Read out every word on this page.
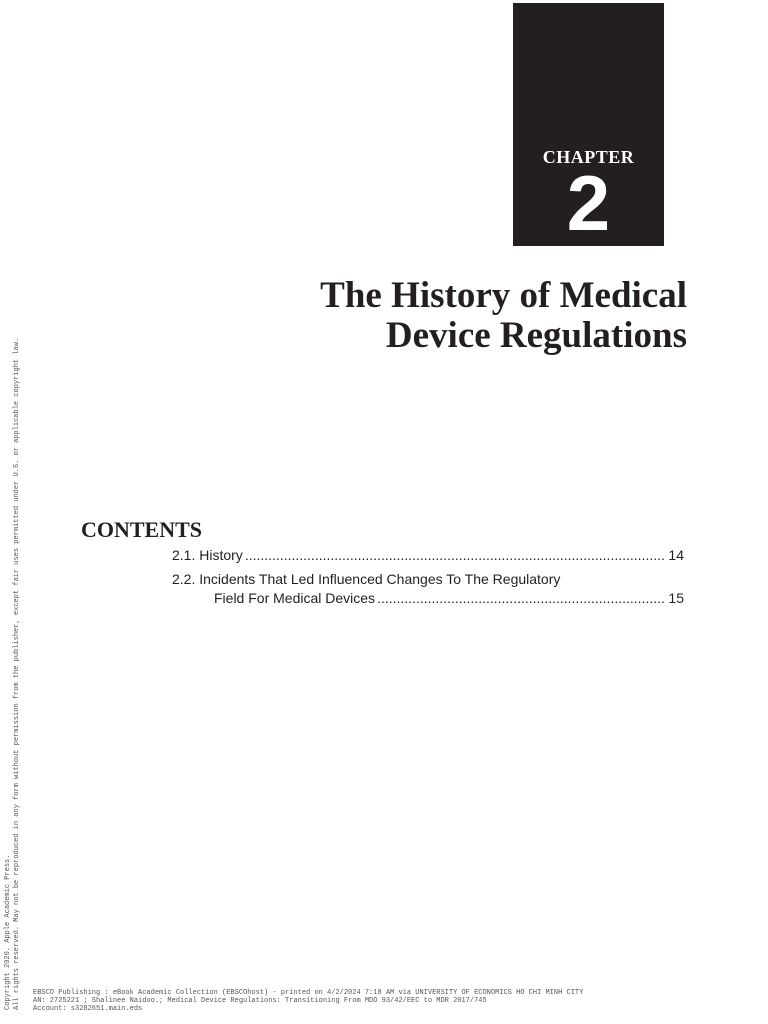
CHAPTER
2
The History of Medical
Device Regulations
CONTENTS
2.1. History .....	14
2.2. Incidents That Led Influenced Changes To The Regulatory
Field For Medical Devices .....	15
Copyright 2020. Apple Academic Press. All rights reserved. May not be reproduced in any form without permission from the publisher, except fair uses permitted under U.S. or applicable copyright law. EBSCO Publishing : eBook Academic Collection (EBSCOhost) - printed on 4/2/2024 7:18 AM via UNIVERSITY OF ECONOMICS HO CHI MINH CITY
AN: 2725221 ; Shalinee Naidoo.; Medical Device Regulations: Transitioning From MDD 93/42/EEC to MDR 2017/745
Account: s3282651.main.eds
